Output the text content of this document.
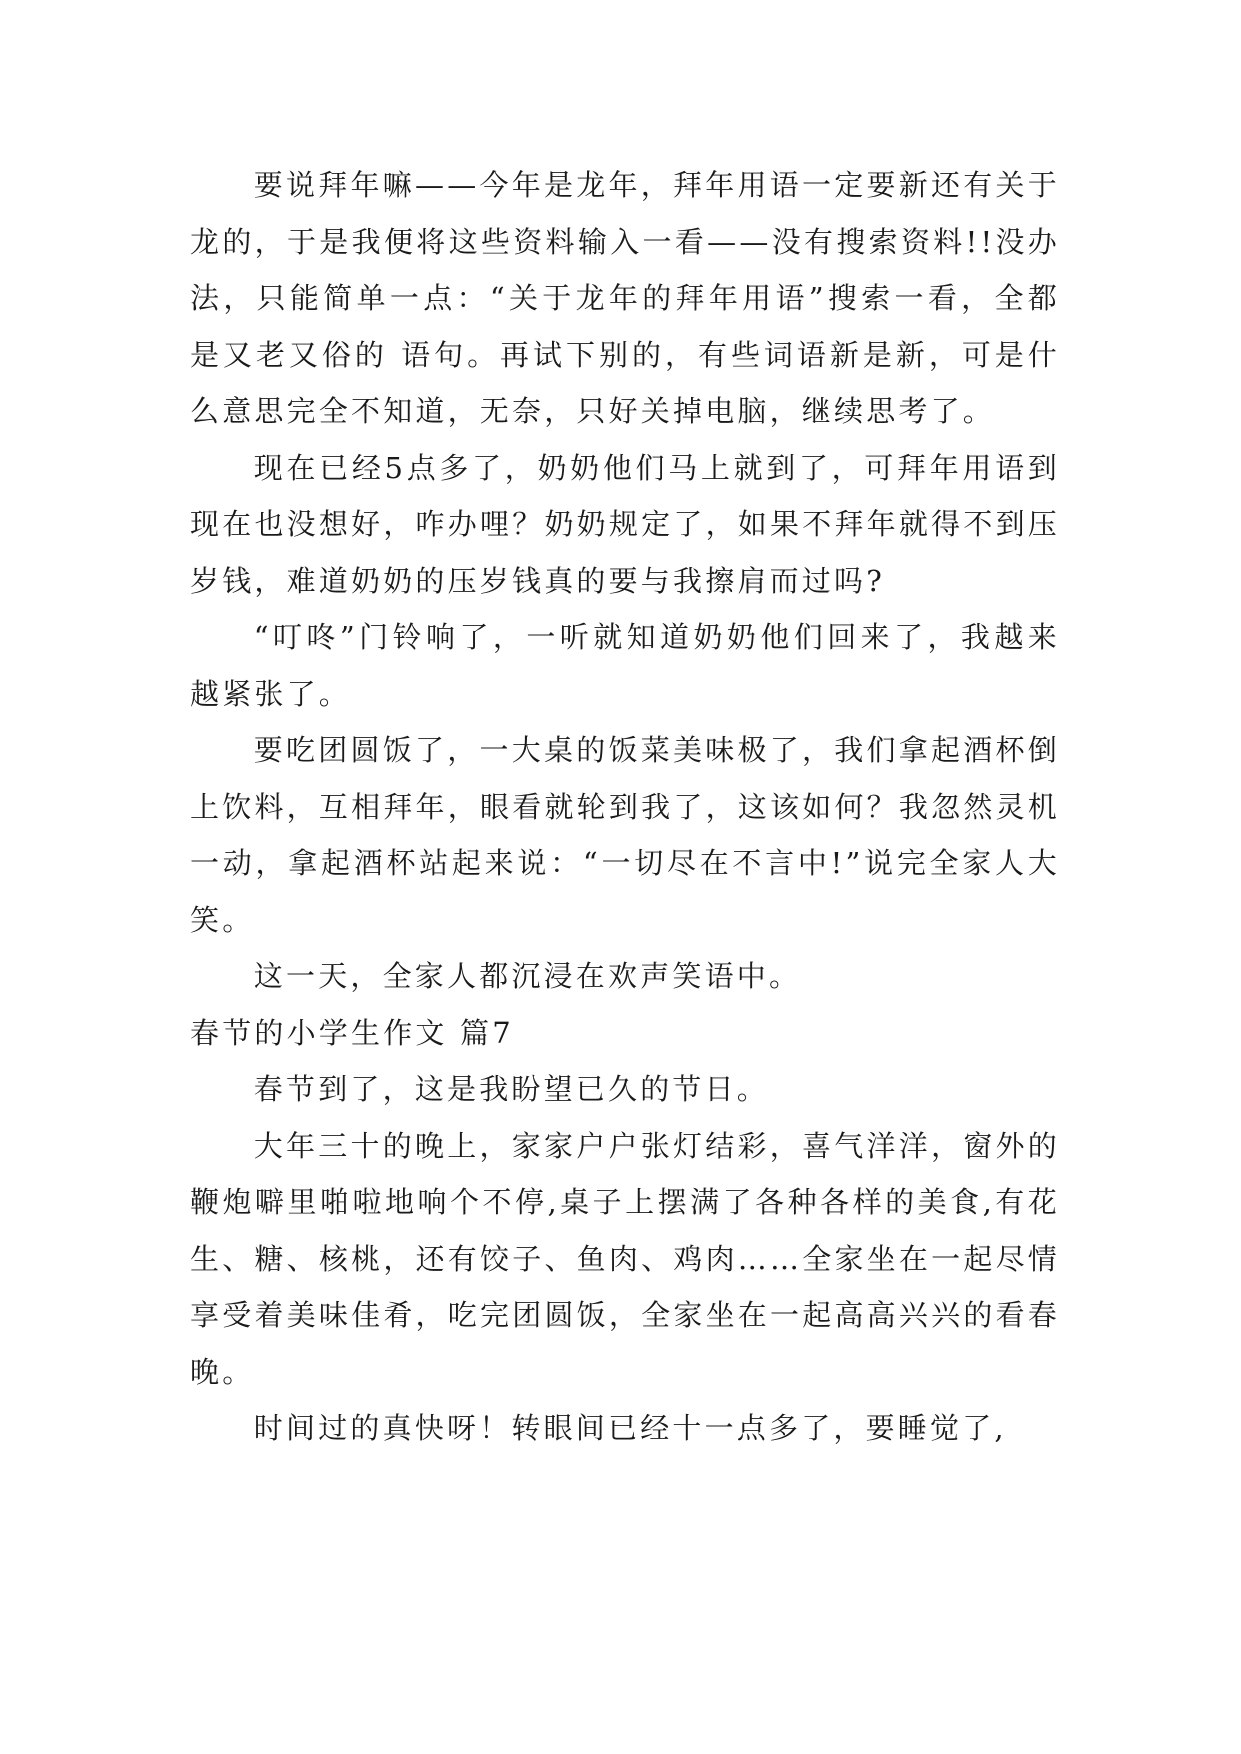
要说拜年嘛——今年是龙年，拜年用语一定要新还有关于龙的，于是我便将这些资料输入一看——没有搜索资料!!没办法，只能简单一点：“关于龙年的拜年用语”搜索一看，全都是又老又俗的 语句。再试下别的，有些词语新是新，可是什么意思完全不知道，无奈，只好关掉电脑，继续思考了。

现在已经5点多了，奶奶他们马上就到了，可拜年用语到现在也没想好，咋办哩？奶奶规定了，如果不拜年就得不到压岁钱，难道奶奶的压岁钱真的要与我擦肩而过吗?

“叮咚”门铃响了，一听就知道奶奶他们回来了，我越来越紧张了。

要吃团圆饭了，一大桌的饭菜美味极了，我们拿起酒杯倒上饮料，互相拜年，眼看就轮到我了，这该如何？我忽然灵机一动，拿起酒杯站起来说：“一切尽在不言中!”说完全家人大笑。

这一天，全家人都沉浸在欢声笑语中。

春节的小学生作文 篇7

春节到了，这是我盼望已久的节日。

大年三十的晚上，家家户户张灯结彩，喜气洋洋，窗外的鞭炮噼里啪啦地响个不停,桌子上摆满了各种各样的美食,有花生、糖、核桃，还有饺子、鱼肉、鸡肉……全家坐在一起尽情享受着美味佳肴，吃完团圆饭，全家坐在一起高高兴兴的看春晚。

时间过的真快呀！转眼间已经十一点多了，要睡觉了,
